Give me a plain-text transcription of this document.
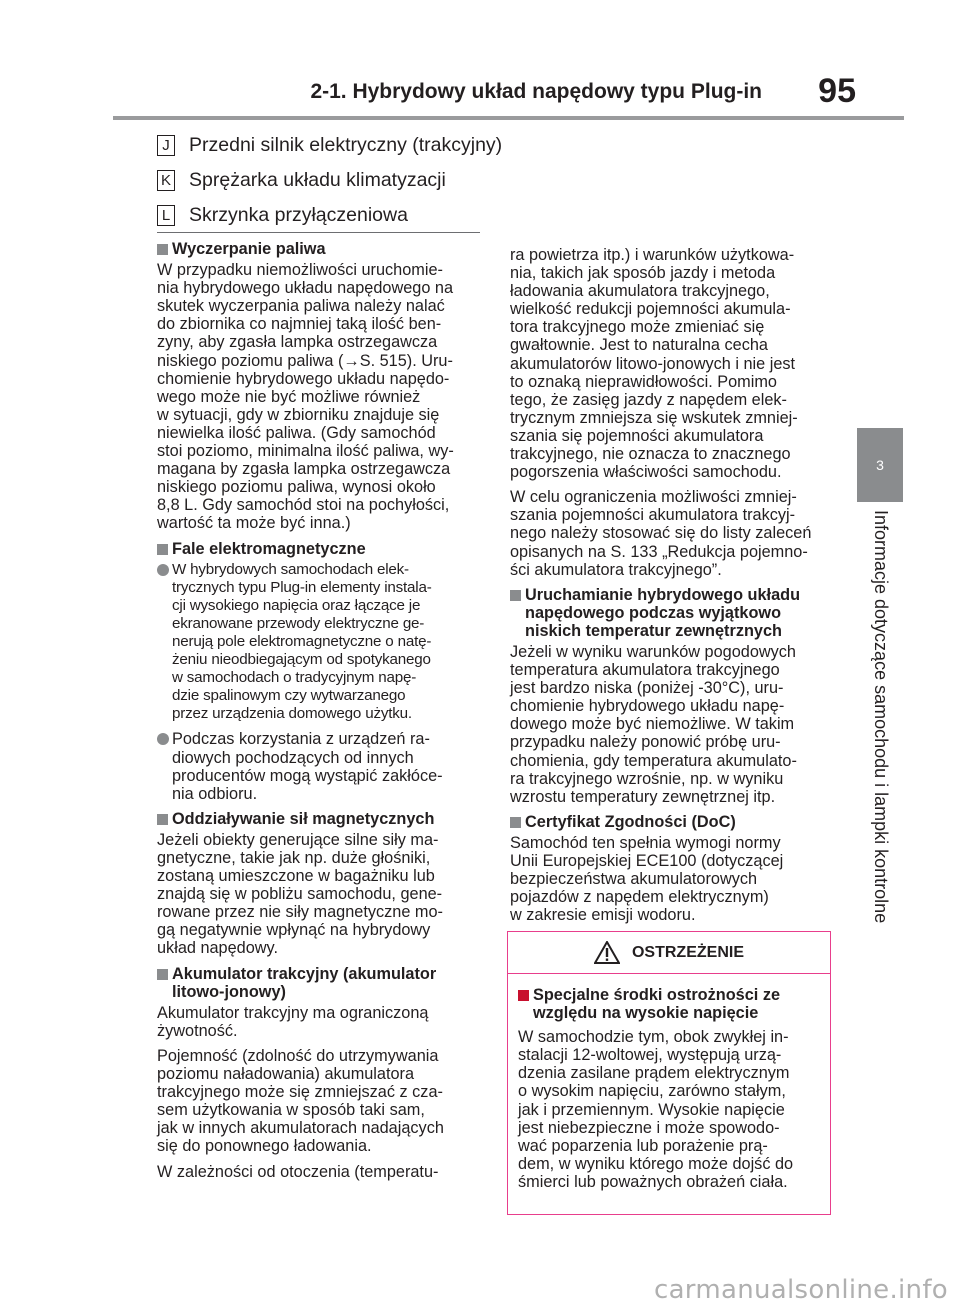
2-1. Hybrydowy układ napędowy typu Plug-in 95
3
Informacje dotyczące samochodu i lampki kontrolne
J Przedni silnik elektryczny (trakcyjny)
K Sprężarka układu klimatyzacji
L Skrzynka przyłączeniowa
Wyczerpanie paliwa
W przypadku niemożliwości uruchomie-
nia hybrydowego układu napędowego na
skutek wyczerpania paliwa należy nalać
do zbiornika co najmniej taką ilość ben-
zyny, aby zgasła lampka ostrzegawcza
niskiego poziomu paliwa (→S. 515). Uru-
chomienie hybrydowego układu napędo-
wego może nie być możliwe również
w sytuacji, gdy w zbiorniku znajduje się
niewielka ilość paliwa. (Gdy samochód
stoi poziomo, minimalna ilość paliwa, wy-
magana by zgasła lampka ostrzegawcza
niskiego poziomu paliwa, wynosi około
8,8 L. Gdy samochód stoi na pochyłości,
wartość ta może być inna.)
Fale elektromagnetyczne
W hybrydowych samochodach elek-
trycznych typu Plug-in elementy instala-
cji wysokiego napięcia oraz łączące je
ekranowane przewody elektryczne ge-
nerują pole elektromagnetyczne o natę-
żeniu nieodbiegającym od spotykanego
w samochodach o tradycyjnym napę-
dzie spalinowym czy wytwarzanego
przez urządzenia domowego użytku.
Podczas korzystania z urządzeń ra-
diowych pochodzących od innych
producentów mogą wystąpić zakłóce-
nia odbioru.
Oddziaływanie sił magnetycznych
Jeżeli obiekty generujące silne siły ma-
gnetyczne, takie jak np. duże głośniki,
zostaną umieszczone w bagażniku lub
znajdą się w pobliżu samochodu, gene-
rowane przez nie siły magnetyczne mo-
gą negatywnie wpłynąć na hybrydowy
układ napędowy.
Akumulator trakcyjny (akumulator
litowo-jonowy)
Akumulator trakcyjny ma ograniczoną
żywotność.
Pojemność (zdolność do utrzymywania
poziomu naładowania) akumulatora
trakcyjnego może się zmniejszać z cza-
sem użytkowania w sposób taki sam,
jak w innych akumulatorach nadających
się do ponownego ładowania.
W zależności od otoczenia (temperatu-
ra powietrza itp.) i warunków użytkowa-
nia, takich jak sposób jazdy i metoda
ładowania akumulatora trakcyjnego,
wielkość redukcji pojemności akumula-
tora trakcyjnego może zmieniać się
gwałtownie. Jest to naturalna cecha
akumulatorów litowo-jonowych i nie jest
to oznaką nieprawidłowości. Pomimo
tego, że zasięg jazdy z napędem elek-
trycznym zmniejsza się wskutek zmniej-
szania się pojemności akumulatora
trakcyjnego, nie oznacza to znacznego
pogorszenia właściwości samochodu.
W celu ograniczenia możliwości zmniej-
szania pojemności akumulatora trakcyj-
nego należy stosować się do listy zaleceń
opisanych na S. 133 „Redukcja pojemno-
ści akumulatora trakcyjnego”.
Uruchamianie hybrydowego układu
napędowego podczas wyjątkowo
niskich temperatur zewnętrznych
Jeżeli w wyniku warunków pogodowych
temperatura akumulatora trakcyjnego
jest bardzo niska (poniżej -30°C), uru-
chomienie hybrydowego układu napę-
dowego może być niemożliwe. W takim
przypadku należy ponowić próbę uru-
chomienia, gdy temperatura akumulato-
ra trakcyjnego wzrośnie, np. w wyniku
wzrostu temperatury zewnętrznej itp.
Certyfikat Zgodności (DoC)
Samochód ten spełnia wymogi normy
Unii Europejskiej ECE100 (dotyczącej
bezpieczeństwa akumulatorowych
pojazdów z napędem elektrycznym)
w zakresie emisji wodoru.
OSTRZEŻENIE
Specjalne środki ostrożności ze
względu na wysokie napięcie
W samochodzie tym, obok zwykłej in-
stalacji 12-woltowej, występują urzą-
dzenia zasilane prądem elektrycznym
o wysokim napięciu, zarówno stałym,
jak i przemiennym. Wysokie napięcie
jest niebezpieczne i może spowodo-
wać poparzenia lub porażenie prą-
dem, w wyniku którego może dojść do
śmierci lub poważnych obrażeń ciała.
carmanualsonline.info
